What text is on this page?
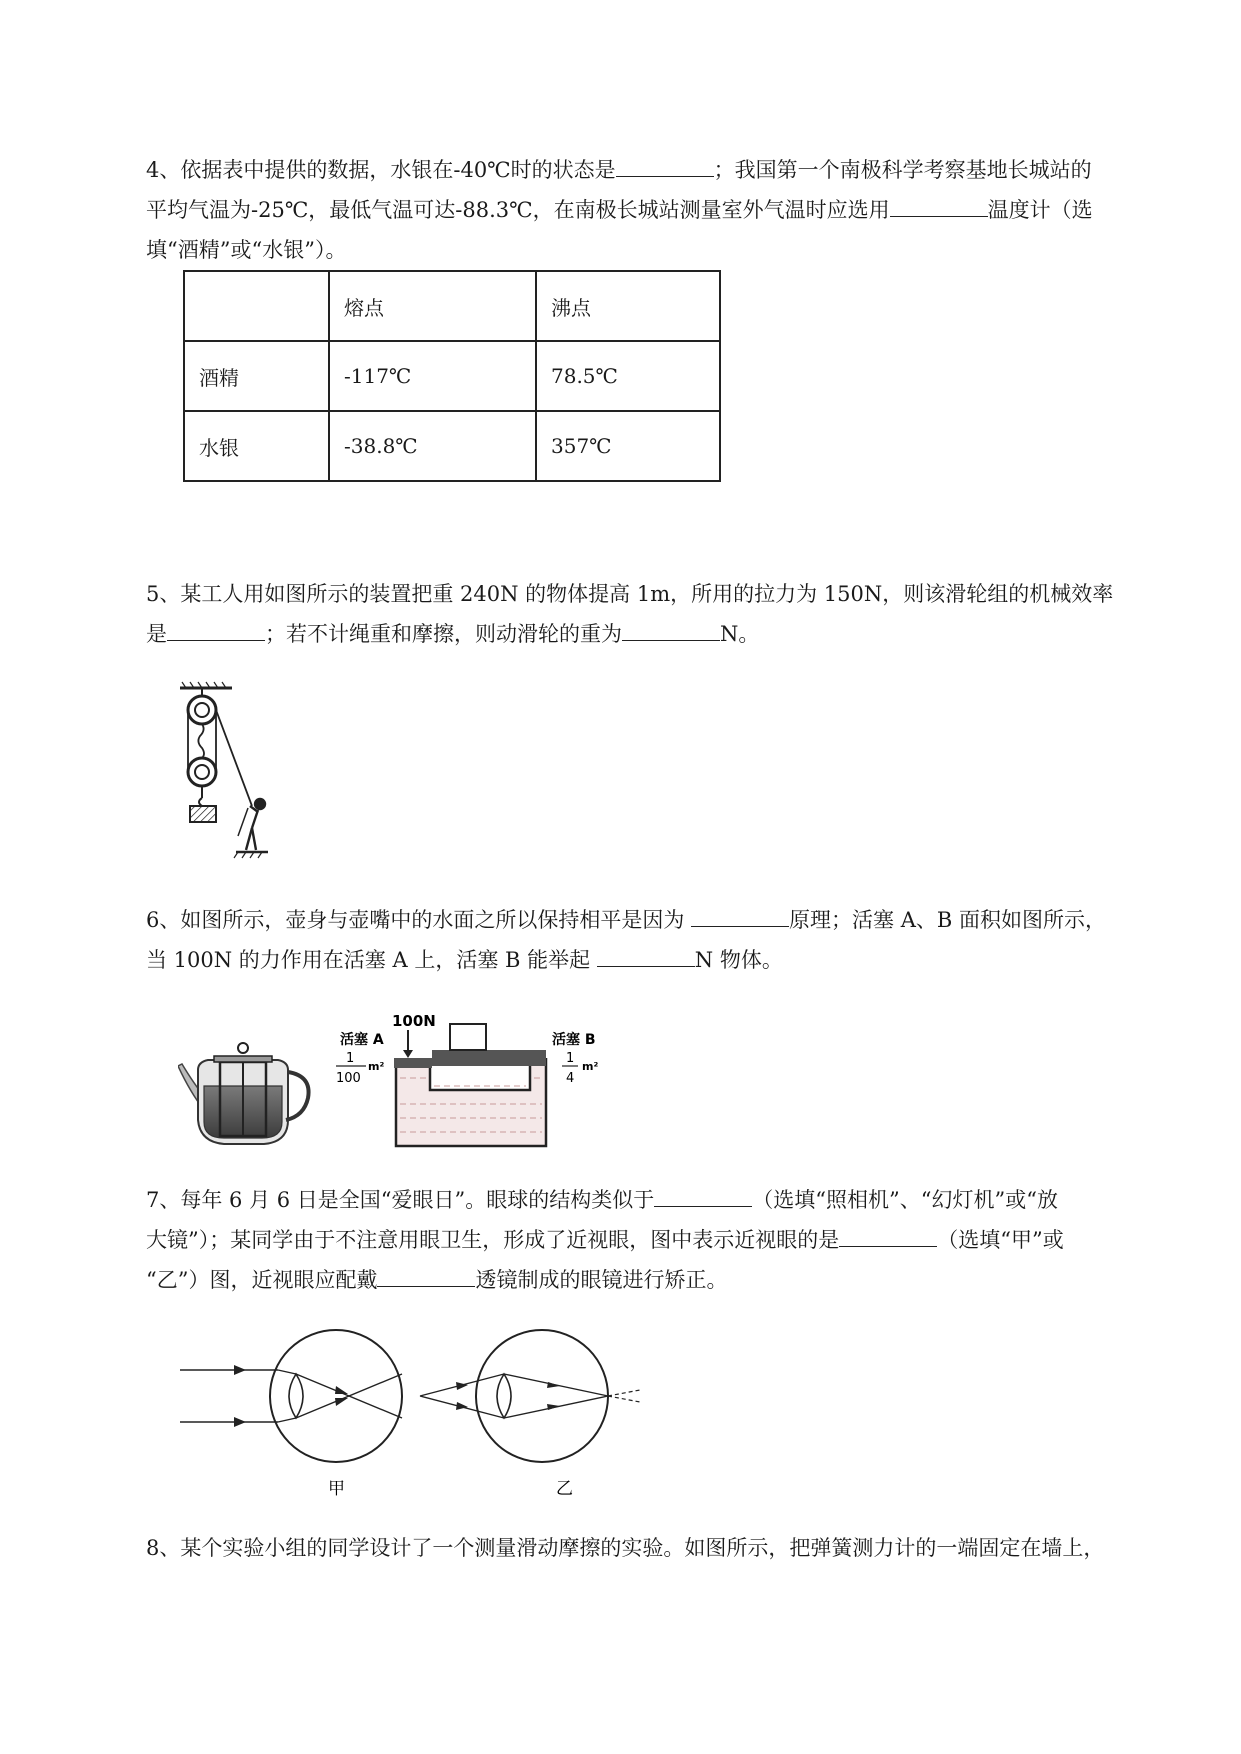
4、依据表中提供的数据，水银在-40℃时的状态是	；我国第一个南极科学考察基地长城站的
平均气温为-25℃，最低气温可达-88.3℃，在南极长城站测量室外气温时应选用	温度计（选
填“酒精”或“水银”）。

	熔点	沸点
酒精	-117℃	78.5℃
水银	-38.8℃	357℃

5、某工人用如图所示的装置把重 240N 的物体提高 1m，所用的拉力为 150N，则该滑轮组的机械效率
是	；若不计绳重和摩擦，则动滑轮的重为	N。

6、如图所示，壶身与壶嘴中的水面之所以保持相平是因为	原理；活塞 A、B 面积如图所示，
当 100N 的力作用在活塞 A 上，活塞 B 能举起	N 物体。

活塞 A
100N
1
100
m²
活塞 B
1
4
m²

7、每年 6 月 6 日是全国“爱眼日”。眼球的结构类似于	（选填“照相机”、“幻灯机”或“放
大镜”）；某同学由于不注意用眼卫生，形成了近视眼，图中表示近视眼的是	（选填“甲”或
“乙”）图，近视眼应配戴	透镜制成的眼镜进行矫正。

甲	乙

8、某个实验小组的同学设计了一个测量滑动摩擦的实验。如图所示，把弹簧测力计的一端固定在墙上，
